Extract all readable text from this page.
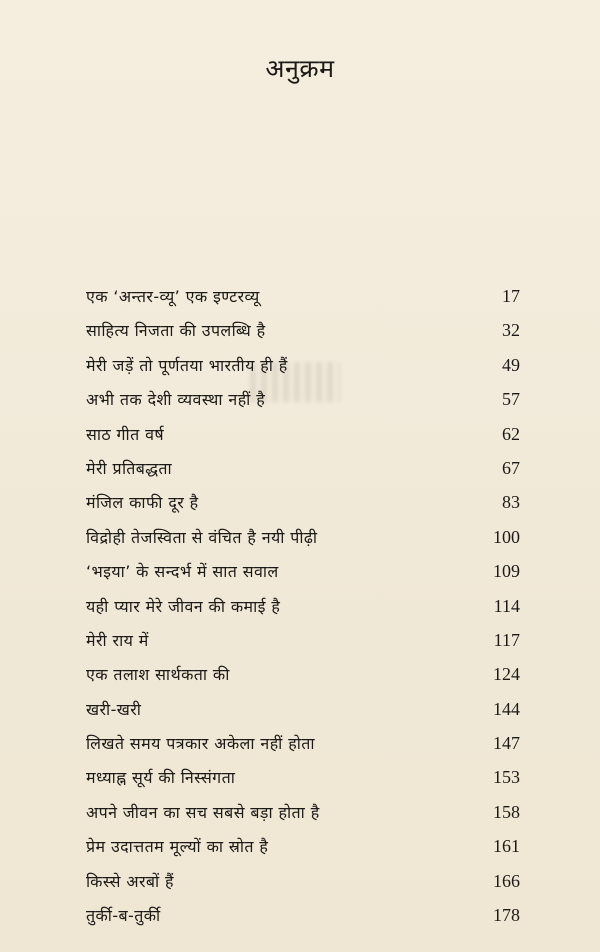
अनुक्रम
एक ‘अन्तर-व्यू’ एक इण्टरव्यू	17
साहित्य निजता की उपलब्धि है	32
मेरी जड़ें तो पूर्णतया भारतीय ही हैं	49
अभी तक देशी व्यवस्था नहीं है	57
साठ गीत वर्ष	62
मेरी प्रतिबद्धता	67
मंजिल काफी दूर है	83
विद्रोही तेजस्विता से वंचित है नयी पीढ़ी	100
‘भइया’ के सन्दर्भ में सात सवाल	109
यही प्यार मेरे जीवन की कमाई है	114
मेरी राय में	117
एक तलाश सार्थकता की	124
खरी-खरी	144
लिखते समय पत्रकार अकेला नहीं होता	147
मध्याह्न सूर्य की निस्संगता	153
अपने जीवन का सच सबसे बड़ा होता है	158
प्रेम उदात्ततम मूल्यों का स्रोत है	161
किस्से अरबों हैं	166
तुर्की-ब-तुर्की	178
